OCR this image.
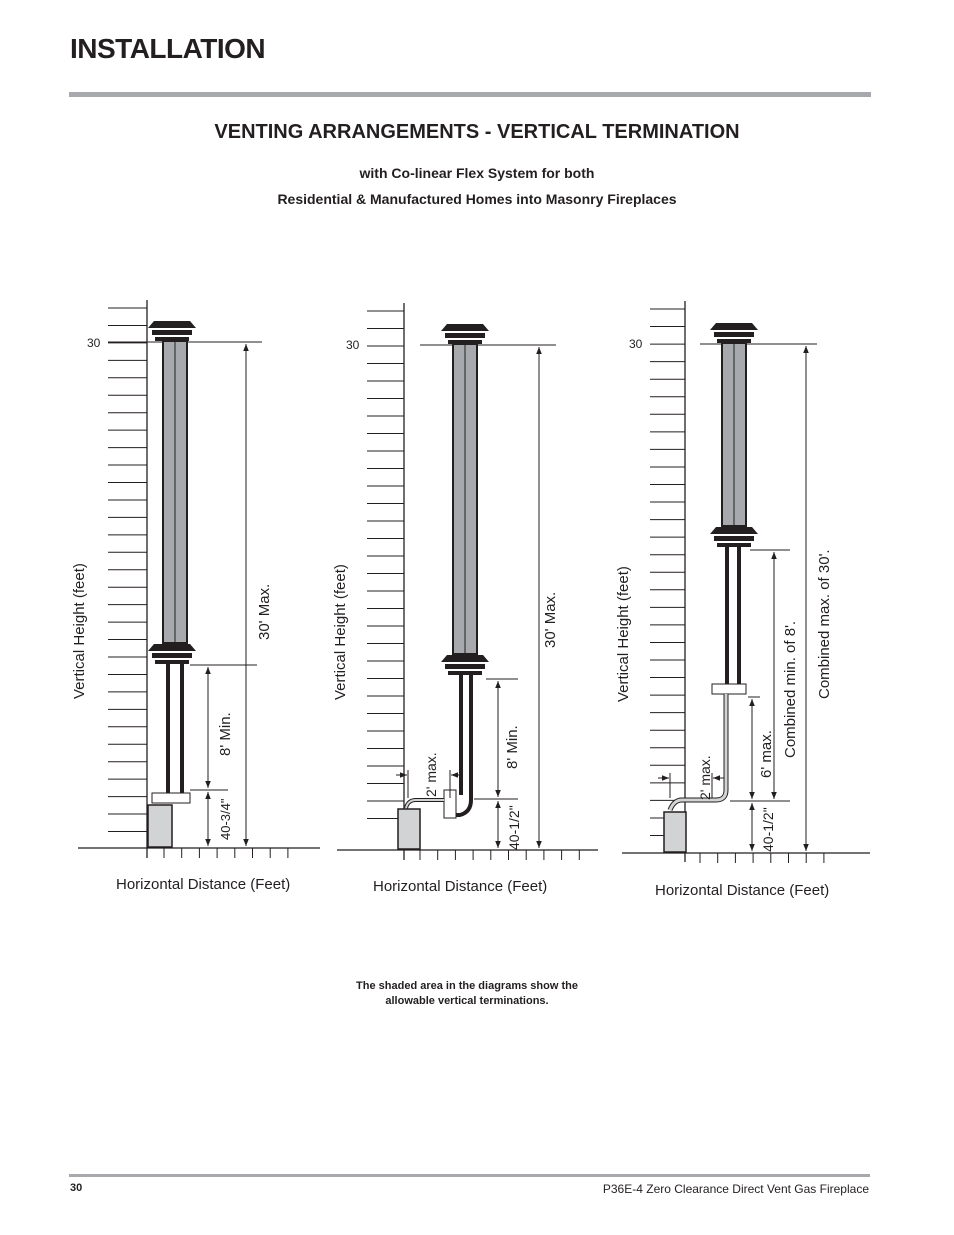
INSTALLATION
VENTING ARRANGEMENTS - VERTICAL TERMINATION
with Co-linear Flex System for both
Residential & Manufactured Homes into Masonry Fireplaces
30
30' Max.
8' Min.
40-3/4"
Vertical Height (feet)
Horizontal Distance (Feet)
30
30' Max.
8' Min.
40-1/2"
2' max.
Vertical Height (feet)
Horizontal Distance (Feet)
30
Combined max. of 30'.
Combined min. of 8'.
6' max.
40-1/2"
2' max.
Vertical Height (feet)
Horizontal Distance (Feet)
The shaded area in the diagrams show the
allowable vertical terminations.
30	P36E-4 Zero Clearance Direct Vent Gas Fireplace
